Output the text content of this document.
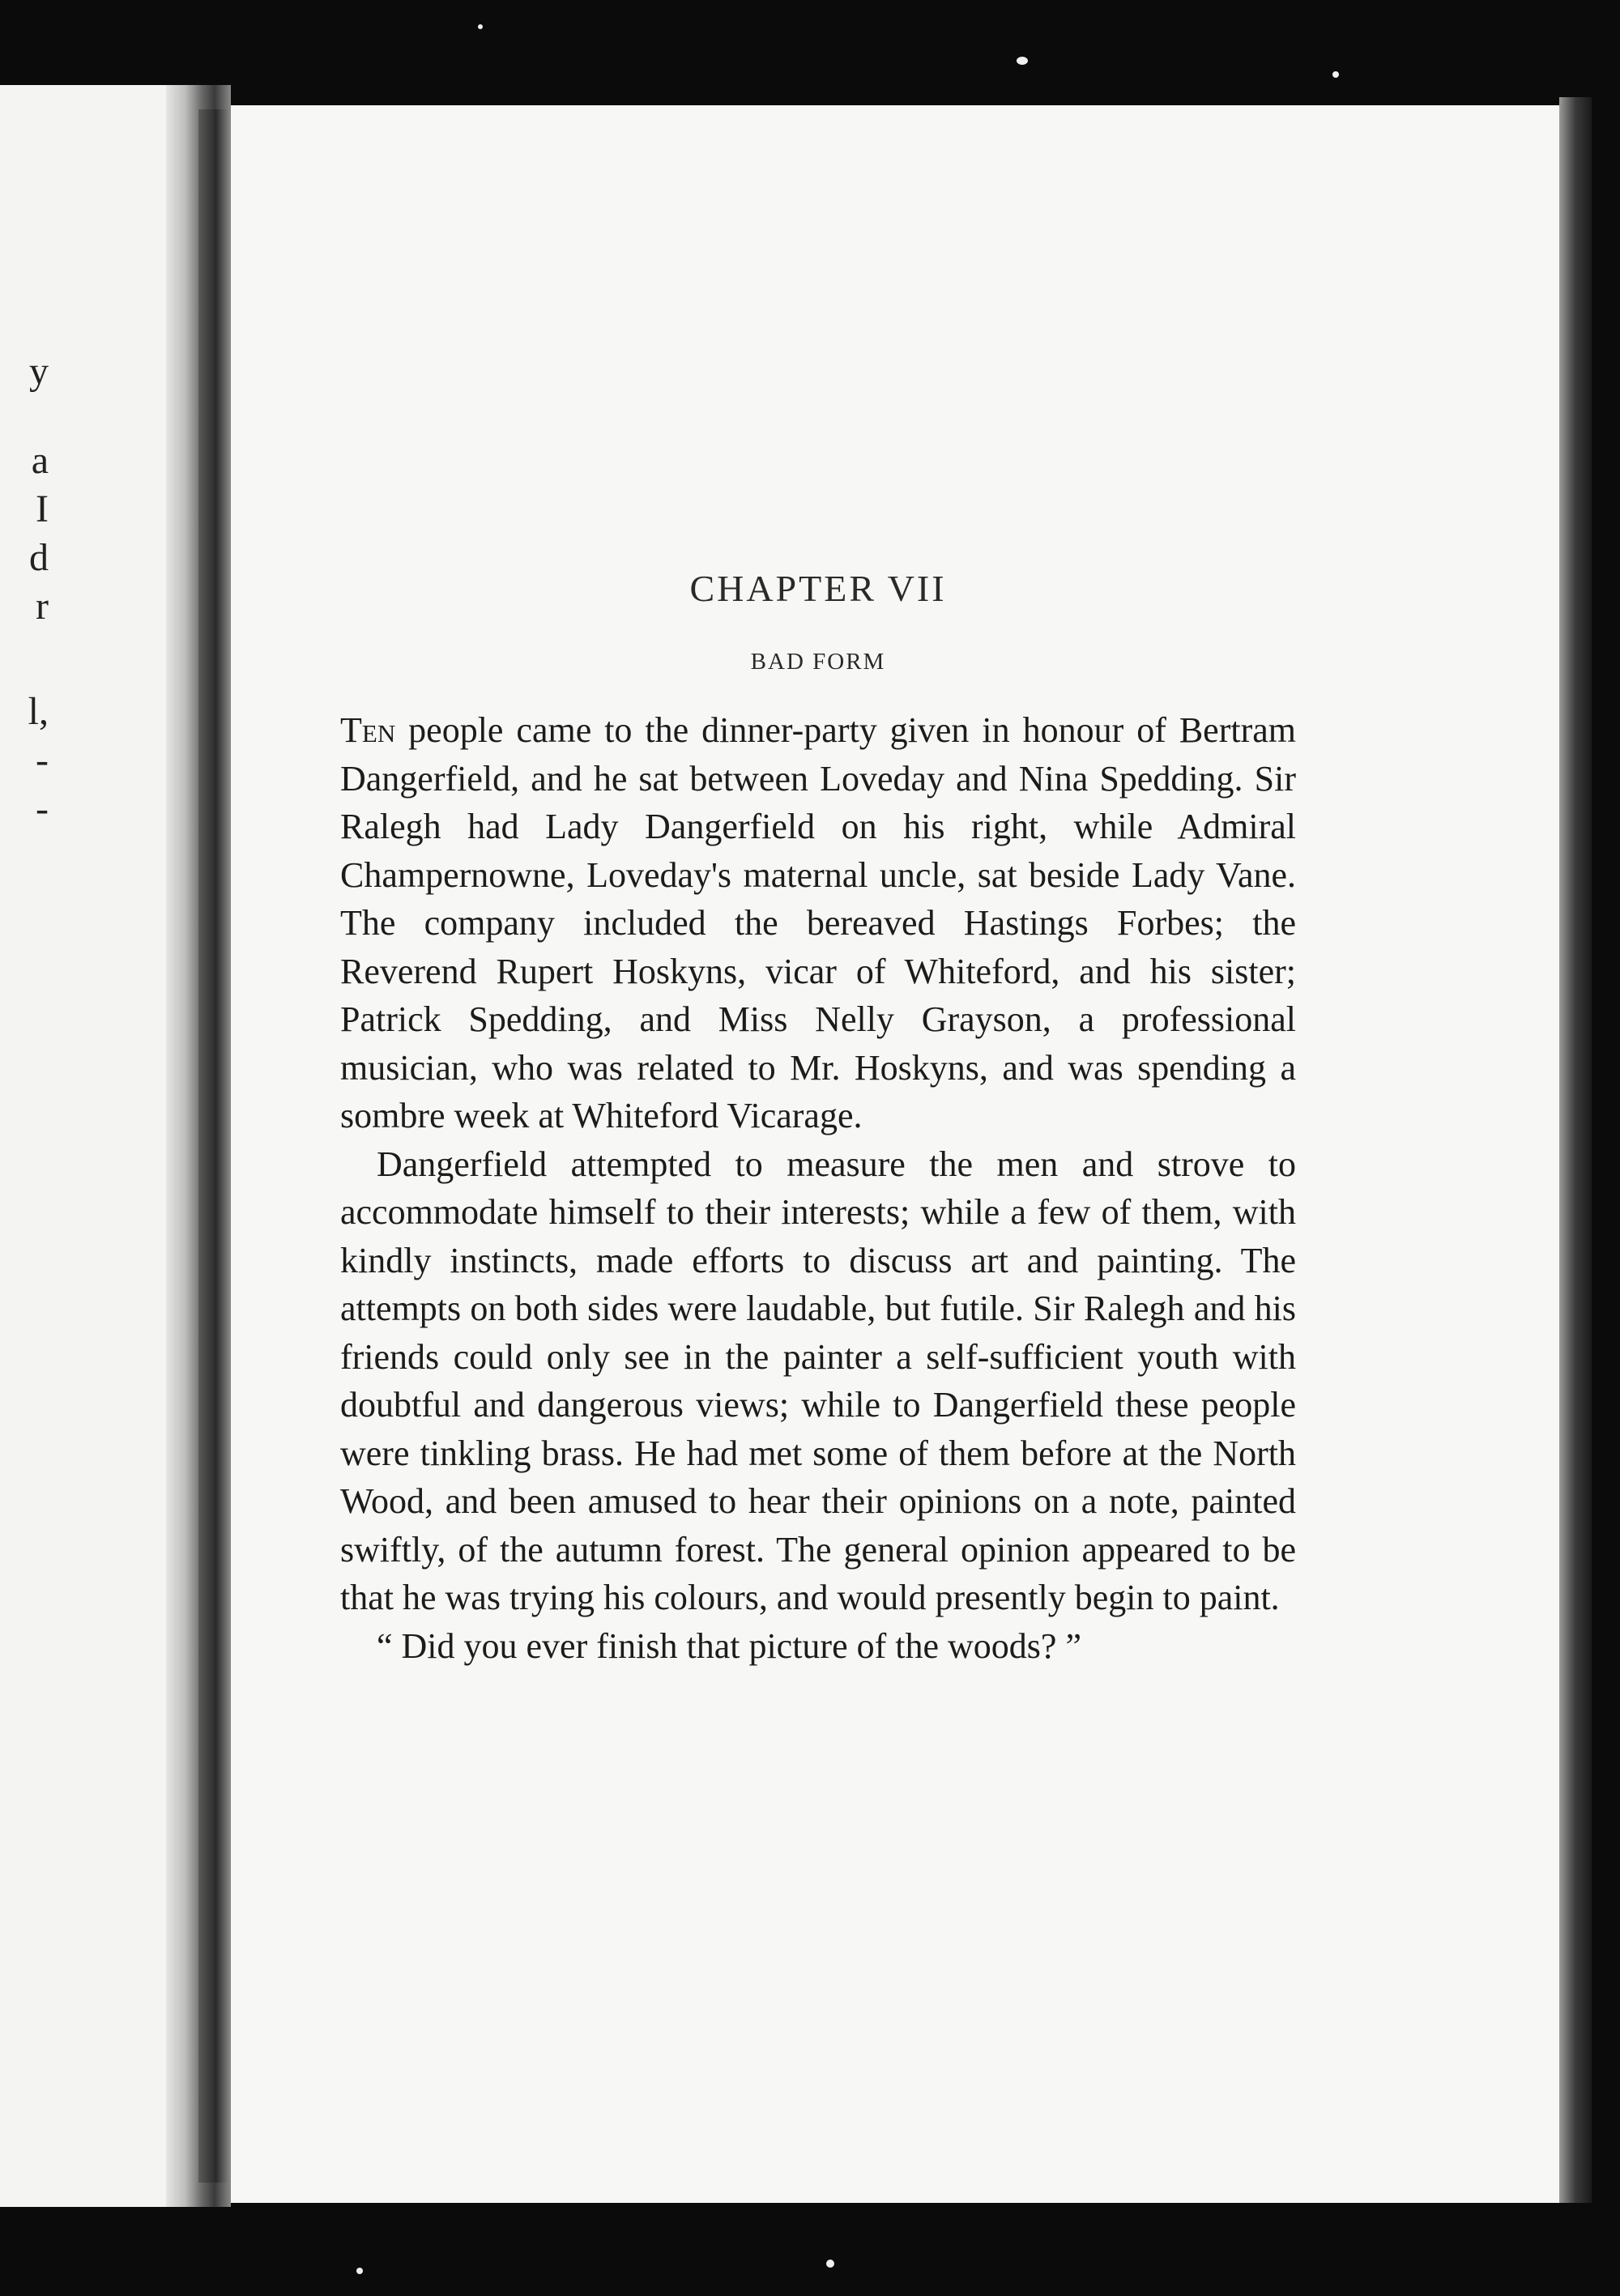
y
a
I
d
r
l,
-
-
CHAPTER VII
BAD FORM

Ten people came to the dinner-party given in honour of Bertram Dangerfield, and he sat between Loveday and Nina Spedding. Sir Ralegh had Lady Dangerfield on his right, while Admiral Champernowne, Loveday's maternal uncle, sat beside Lady Vane. The company included the bereaved Hastings Forbes; the Reverend Rupert Hoskyns, vicar of Whiteford, and his sister; Patrick Spedding, and Miss Nelly Grayson, a professional musician, who was related to Mr. Hoskyns, and was spending a sombre week at Whiteford Vicarage.

Dangerfield attempted to measure the men and strove to accommodate himself to their interests; while a few of them, with kindly instincts, made efforts to discuss art and painting. The attempts on both sides were laudable, but futile. Sir Ralegh and his friends could only see in the painter a self-sufficient youth with doubtful and dangerous views; while to Dangerfield these people were tinkling brass. He had met some of them before at the North Wood, and been amused to hear their opinions on a note, painted swiftly, of the autumn forest. The general opinion appeared to be that he was trying his colours, and would presently begin to paint.

“ Did you ever finish that picture of the woods? ”
